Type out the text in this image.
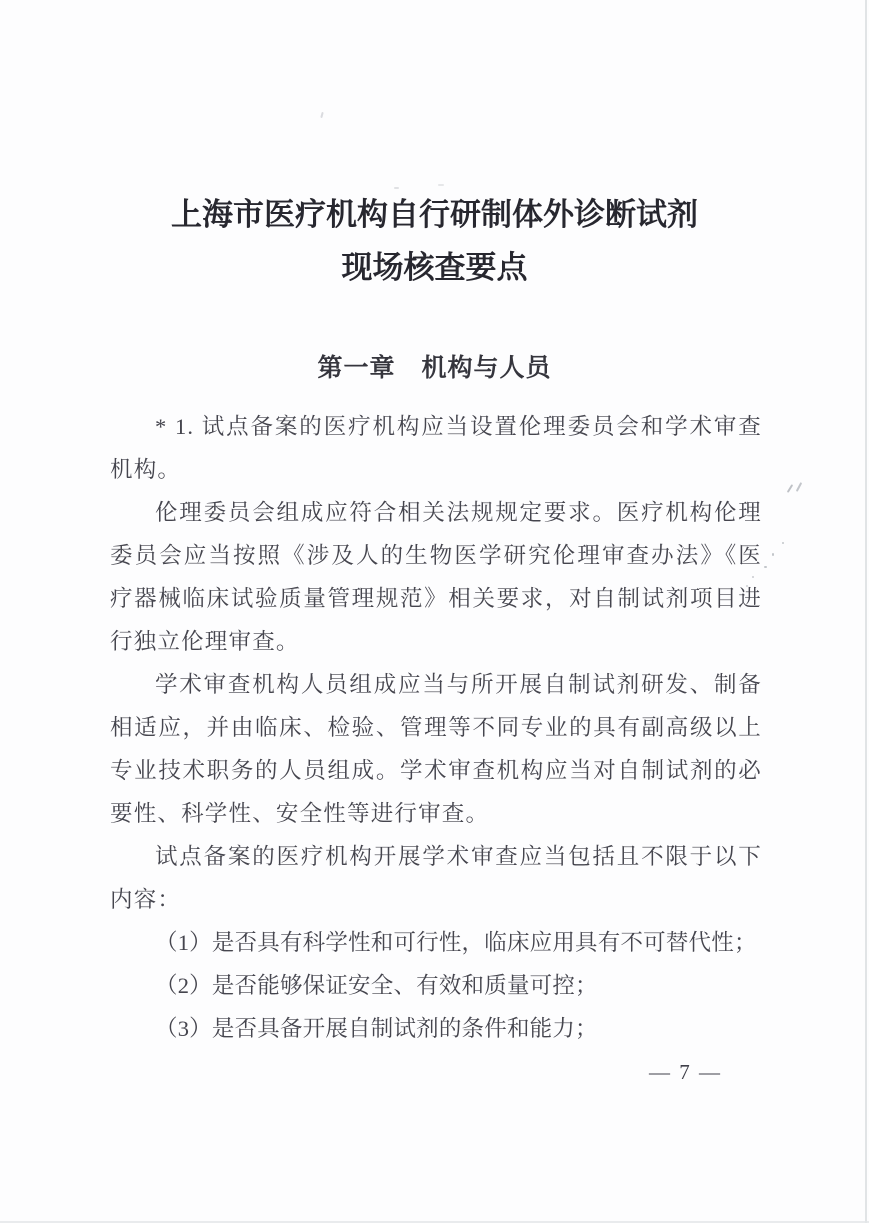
上海市医疗机构自行研制体外诊断试剂
现场核查要点
第一章　机构与人员

* 1. 试点备案的医疗机构应当设置伦理委员会和学术审查机构。

伦理委员会组成应符合相关法规规定要求。医疗机构伦理委员会应当按照《涉及人的生物医学研究伦理审查办法》《医疗器械临床试验质量管理规范》相关要求，对自制试剂项目进行独立伦理审查。

学术审查机构人员组成应当与所开展自制试剂研发、制备相适应，并由临床、检验、管理等不同专业的具有副高级以上专业技术职务的人员组成。学术审查机构应当对自制试剂的必要性、科学性、安全性等进行审查。

试点备案的医疗机构开展学术审查应当包括且不限于以下内容：

（1）是否具有科学性和可行性，临床应用具有不可替代性；

（2）是否能够保证安全、有效和质量可控；

（3）是否具备开展自制试剂的条件和能力；

— 7 —
